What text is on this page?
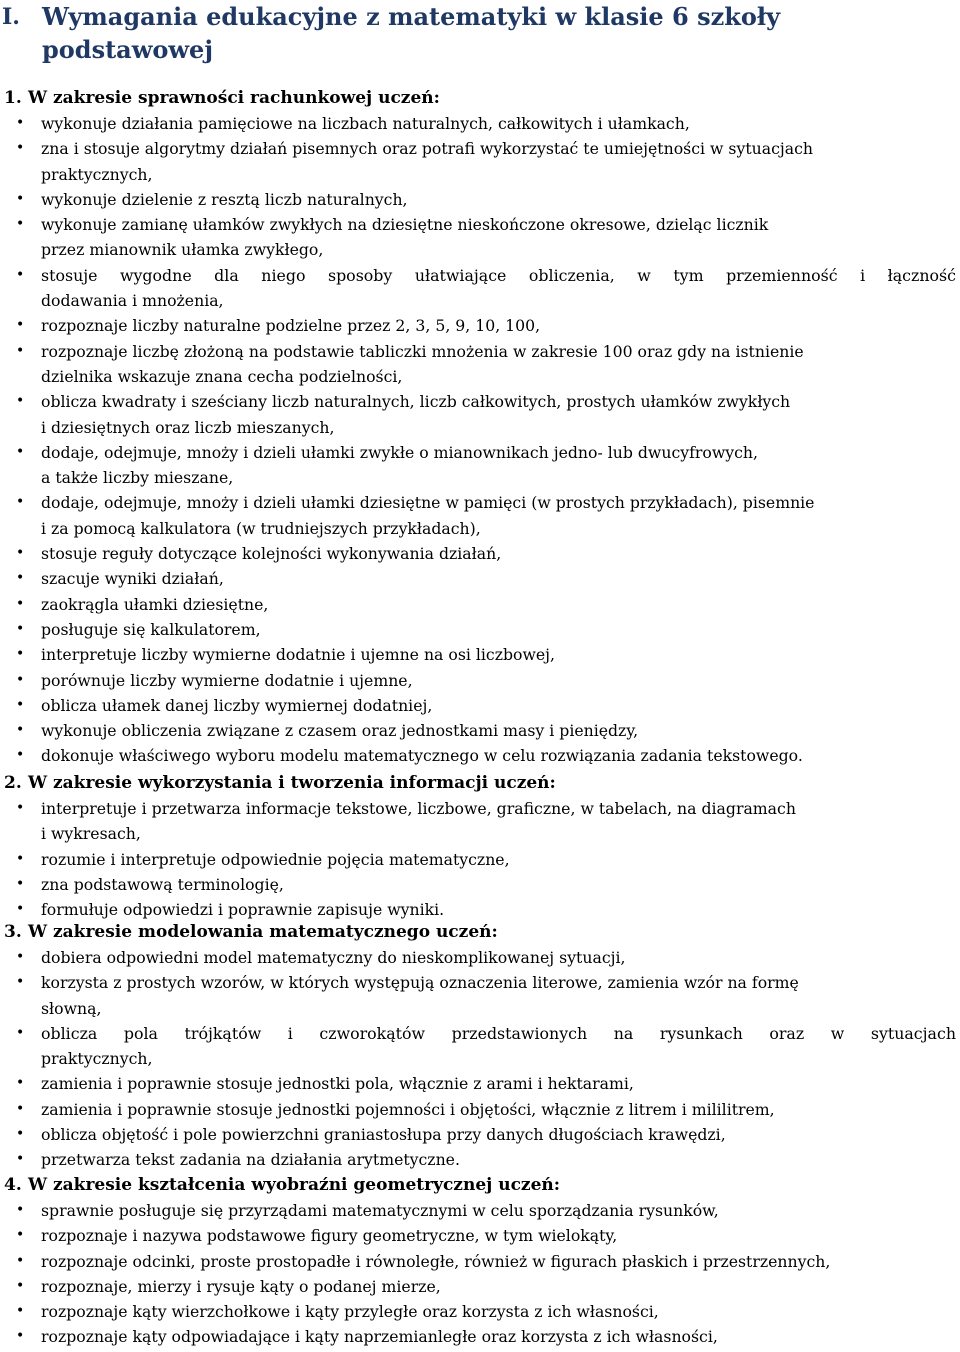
I. Wymagania edukacyjne z matematyki w klasie 6 szkoły
podstawowej
1. W zakresie sprawności rachunkowej uczeń:
• wykonuje działania pamięciowe na liczbach naturalnych, całkowitych i ułamkach,
• zna i stosuje algorytmy działań pisemnych oraz potrafi wykorzystać te umiejętności w sytuacjach
praktycznych,
• wykonuje dzielenie z resztą liczb naturalnych,
• wykonuje zamianę ułamków zwykłych na dziesiętne nieskończone okresowe, dzieląc licznik
przez mianownik ułamka zwykłego,
• stosuje wygodne dla niego sposoby ułatwiające obliczenia, w tym przemienność i łączność
dodawania i mnożenia,
• rozpoznaje liczby naturalne podzielne przez 2, 3, 5, 9, 10, 100,
• rozpoznaje liczbę złożoną na podstawie tabliczki mnożenia w zakresie 100 oraz gdy na istnienie
dzielnika wskazuje znana cecha podzielności,
• oblicza kwadraty i sześciany liczb naturalnych, liczb całkowitych, prostych ułamków zwykłych
i dziesiętnych oraz liczb mieszanych,
• dodaje, odejmuje, mnoży i dzieli ułamki zwykłe o mianownikach jedno- lub dwucyfrowych,
a także liczby mieszane,
• dodaje, odejmuje, mnoży i dzieli ułamki dziesiętne w pamięci (w prostych przykładach), pisemnie
i za pomocą kalkulatora (w trudniejszych przykładach),
• stosuje reguły dotyczące kolejności wykonywania działań,
• szacuje wyniki działań,
• zaokrągla ułamki dziesiętne,
• posługuje się kalkulatorem,
• interpretuje liczby wymierne dodatnie i ujemne na osi liczbowej,
• porównuje liczby wymierne dodatnie i ujemne,
• oblicza ułamek danej liczby wymiernej dodatniej,
• wykonuje obliczenia związane z czasem oraz jednostkami masy i pieniędzy,
• dokonuje właściwego wyboru modelu matematycznego w celu rozwiązania zadania tekstowego.
2. W zakresie wykorzystania i tworzenia informacji uczeń:
• interpretuje i przetwarza informacje tekstowe, liczbowe, graficzne, w tabelach, na diagramach
i wykresach,
• rozumie i interpretuje odpowiednie pojęcia matematyczne,
• zna podstawową terminologię,
• formułuje odpowiedzi i poprawnie zapisuje wyniki.
3. W zakresie modelowania matematycznego uczeń:
• dobiera odpowiedni model matematyczny do nieskomplikowanej sytuacji,
• korzysta z prostych wzorów, w których występują oznaczenia literowe, zamienia wzór na formę
słowną,
• oblicza pola trójkątów i czworokątów przedstawionych na rysunkach oraz w sytuacjach
praktycznych,
• zamienia i poprawnie stosuje jednostki pola, włącznie z arami i hektarami,
• zamienia i poprawnie stosuje jednostki pojemności i objętości, włącznie z litrem i mililitrem,
• oblicza objętość i pole powierzchni graniastosłupa przy danych długościach krawędzi,
• przetwarza tekst zadania na działania arytmetyczne.
4. W zakresie kształcenia wyobraźni geometrycznej uczeń:
• sprawnie posługuje się przyrządami matematycznymi w celu sporządzania rysunków,
• rozpoznaje i nazywa podstawowe figury geometryczne, w tym wielokąty,
• rozpoznaje odcinki, proste prostopadłe i równoległe, również w figurach płaskich i przestrzennych,
• rozpoznaje, mierzy i rysuje kąty o podanej mierze,
• rozpoznaje kąty wierzchołkowe i kąty przyległe oraz korzysta z ich własności,
• rozpoznaje kąty odpowiadające i kąty naprzemianległe oraz korzysta z ich własności,
